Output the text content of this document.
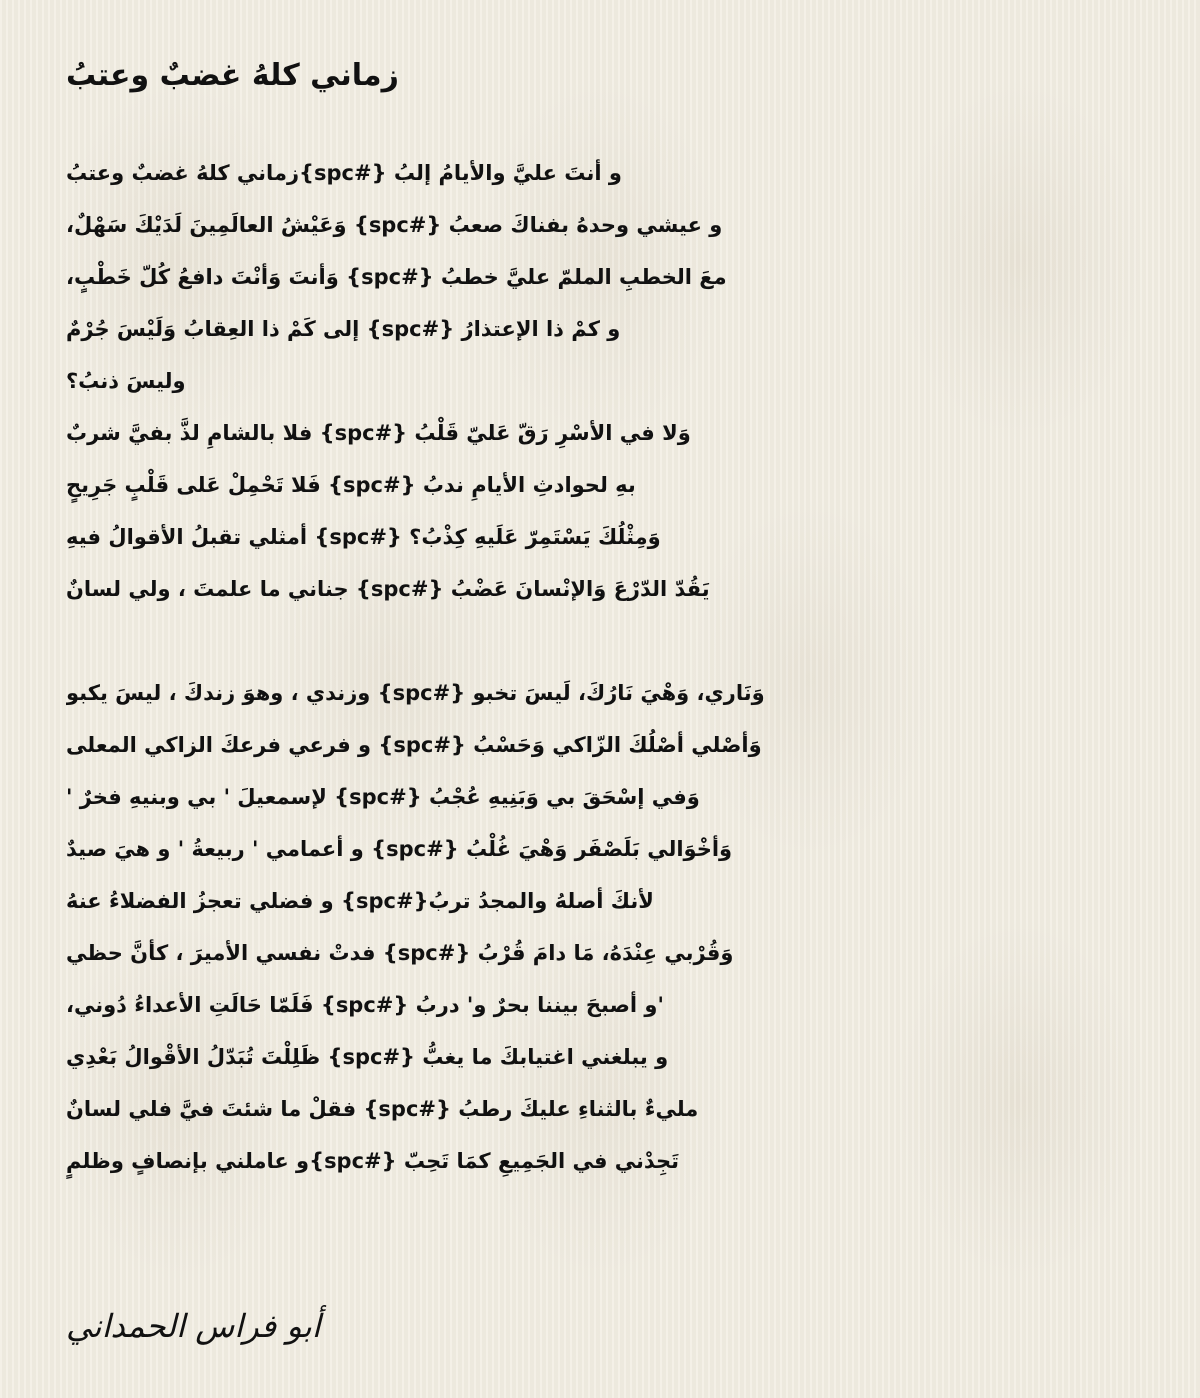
زماني كلهُ غضبٌ وعتبُ
و أنتَ عليَّ والأيامُ إلبُ {#spc}زماني كلهُ غضبٌ وعتبُ
و عيشي وحدهُ بفناكَ صعبُ {#spc} وَعَيْشُ العالَمِينَ لَدَيْكَ سَهْلٌ،
معَ الخطبِ الملمّ عليَّ خطبُ {#spc} وَأنتَ وَأنْتَ دافعُ كُلّ خَطْبٍ،
و كمْ ذا الإعتذارُ {#spc} إلى كَمْ ذا العِقابُ وَلَيْسَ جُرْمٌ
وليسَ ذنبُ؟
وَلا في الأسْرِ رَقّ عَليّ قَلْبُ {#spc} فلا بالشامِ لذَّ بفيَّ شربٌ
بهِ لحوادثِ الأيامِ ندبُ {#spc} فَلا تَحْمِلْ عَلى قَلْبٍ جَرِيحٍ
وَمِثْلُكَ يَسْتَمِرّ عَلَيهِ كِذْبُ؟ {#spc} أمثلي تقبلُ الأقوالُ فيهِ
يَقُدّ الدّرْعَ وَالإنْسانَ عَضْبُ {#spc} جناني ما علمتَ ، ولي لسانٌ
وَنَاري، وَهْيَ نَارُكَ، لَيسَ تخبو {#spc} وزندي ، وهوَ زندكَ ، ليسَ يكبو
وَأصْلي أصْلُكَ الزّاكي وَحَسْبُ {#spc} و فرعي فرعكَ الزاكي المعلى
وَفي إسْحَقَ بي وَبَنِيهِ عُجْبُ {#spc} لإسمعيلَ ' بي وبنيهِ فخرٌ '
وَأخْوَالي بَلَصْفَر وَهْيَ غُلْبُ {#spc} و أعمامي ' ربيعةُ ' و هيَ صيدٌ
لأنكَ أصلهُ والمجدُ تربُ{#spc} و فضلي تعجزُ الفضلاءُ عنهُ
وَقُرْبي عِنْدَهُ، مَا دامَ قُرْبُ {#spc} فدتْ نفسي الأميرَ ، كأنَّ حظي
'و أصبحَ بيننا بحرٌ و' دربُ {#spc} فَلَمّا حَالَتِ الأعداءُ دُوني،
و يبلغني اغتيابكَ ما يغبُّ {#spc} ظَلِلْتَ تُبَدّلُ الأقْوالُ بَعْدِي
مليءٌ بالثناءِ عليكَ رطبُ {#spc} فقلْ ما شئتَ فيَّ فلي لسانٌ
تَجِدْني في الجَمِيعِ كمَا تَحِبّ {#spc}و عاملني بإنصافٍ وظلمٍ
أبو فراس الحمداني
